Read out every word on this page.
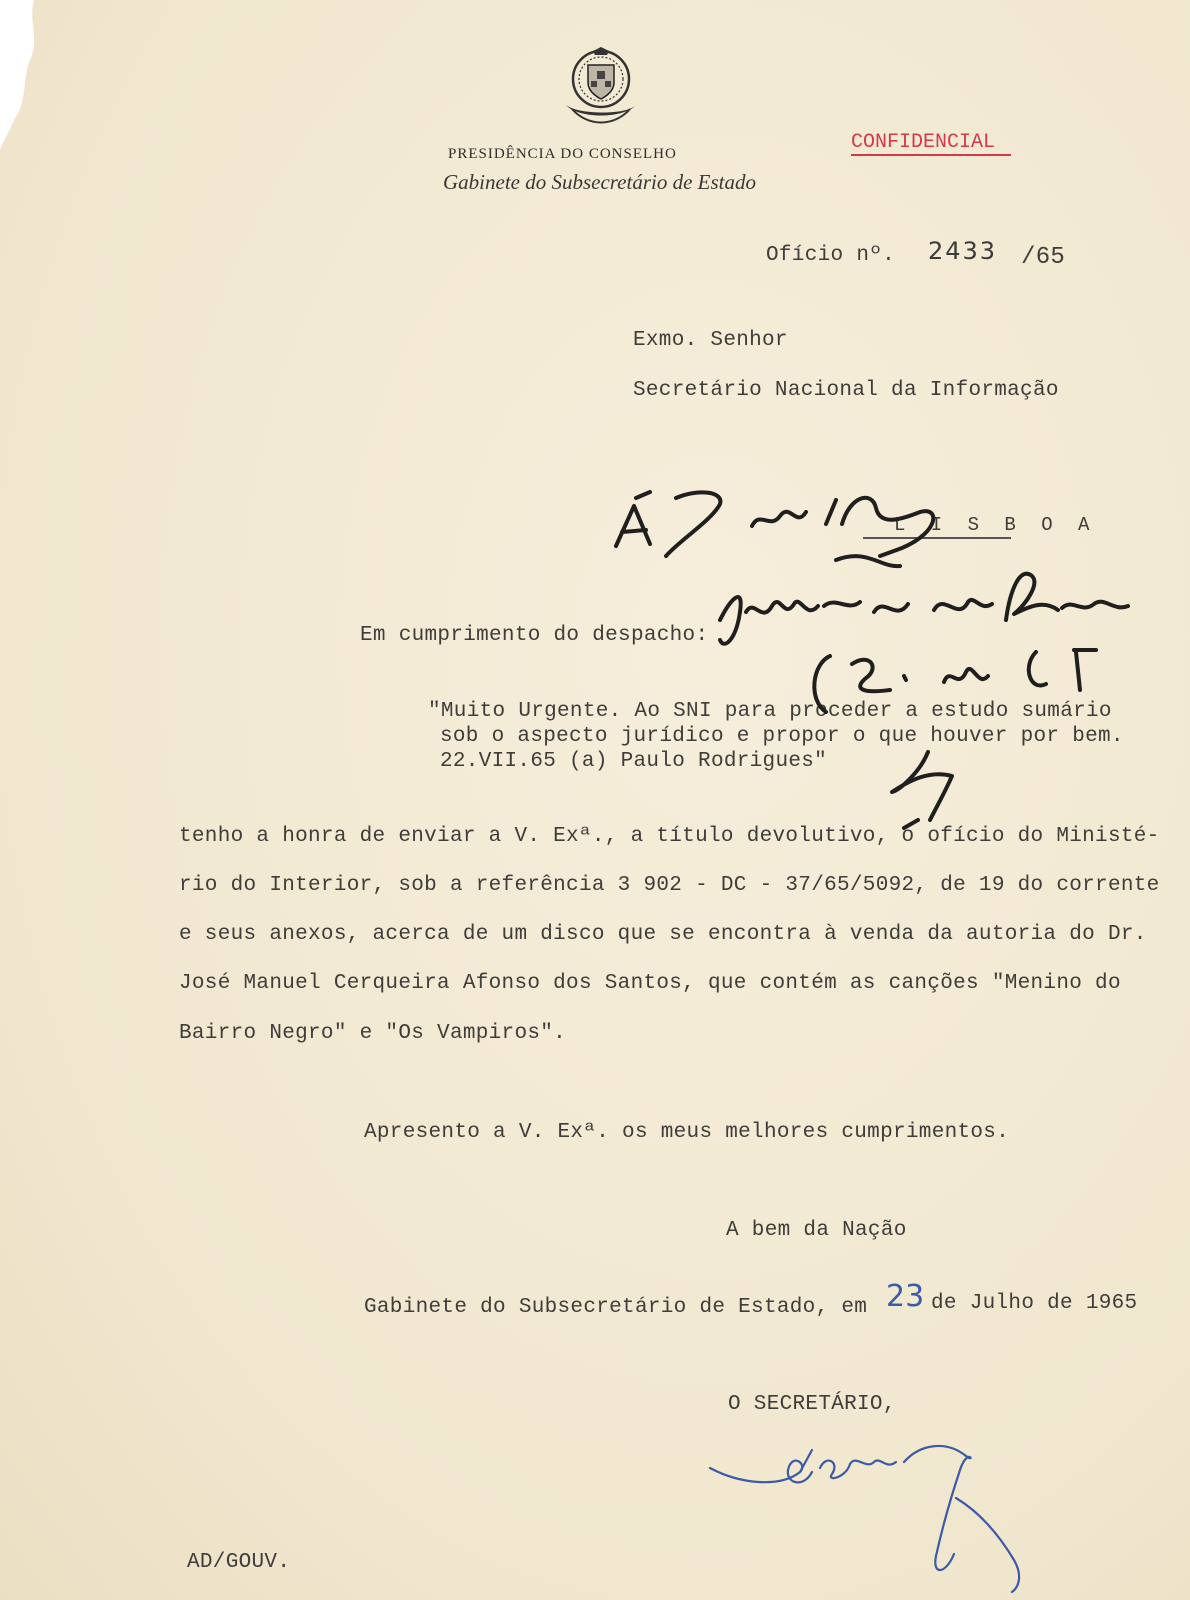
PRESIDÊNCIA DO CONSELHO
Gabinete do Subsecretário de Estado
CONFIDENCIAL
Ofício nº. 2433 /65
Exmo. Senhor
Secretário Nacional da Informação
L I S B O A
Em cumprimento do despacho:
"Muito Urgente. Ao SNI para proceder a estudo sumário
sob o aspecto jurídico e propor o que houver por bem.
22.VII.65 (a) Paulo Rodrigues"
tenho a honra de enviar a V. Exª., a título devolutivo, o ofício do Ministé-
rio do Interior, sob a referência 3 902 - DC - 37/65/5092, de 19 do corrente
e seus anexos, acerca de um disco que se encontra à venda da autoria do Dr.
José Manuel Cerqueira Afonso dos Santos, que contém as canções "Menino do
Bairro Negro" e "Os Vampiros".
Apresento a V. Exª. os meus melhores cumprimentos.
A bem da Nação
Gabinete do Subsecretário de Estado, em 23 de Julho de 1965
O SECRETÁRIO,
AD/GOUV.
